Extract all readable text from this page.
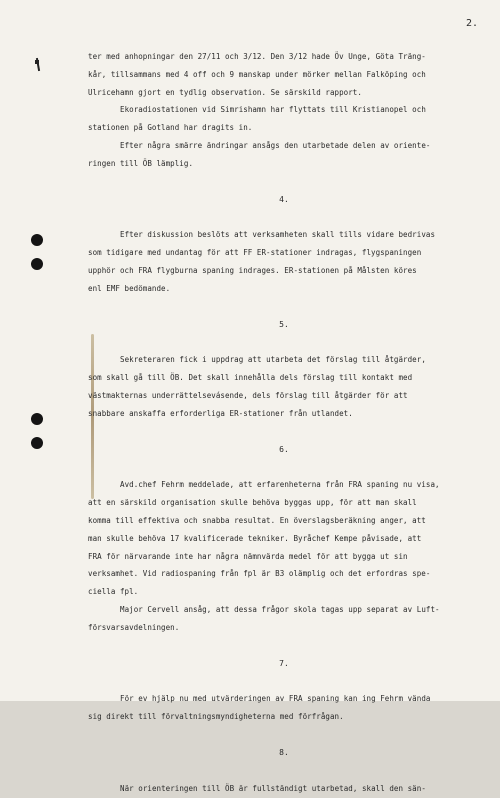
2.
ter med anhopningar den 27/11 och 3/12. Den 3/12 hade Öv Unge, Göta Träng-
kår, tillsammans med 4 off och 9 manskap under mörker mellan Falköping och
Ulricehamn gjort en tydlig observation. Se särskild rapport.
Ekoradiostationen vid Simrishamn har flyttats till Kristianopel och
stationen på Gotland har dragits in.
Efter några smärre ändringar ansågs den utarbetade delen av oriente-
ringen till ÖB lämplig.
4.
Efter diskussion beslöts att verksamheten skall tills vidare bedrivas
som tidigare med undantag för att FF ER-stationer indragas, flygspaningen
upphör och FRA flygburna spaning indrages. ER-stationen på Målsten köres
enl EMF bedömande.
5.
Sekreteraren fick i uppdrag att utarbeta det förslag till åtgärder,
som skall gå till ÖB. Det skall innehålla dels förslag till kontakt med
västmakternas underrättelsevásende, dels förslag till åtgärder för att
snabbare anskaffa erforderliga ER-stationer från utlandet.
6.
Avd.chef Fehrm meddelade, att erfarenheterna från FRA spaning nu visa,
att en särskild organisation skulle behöva byggas upp, för att man skall
komma till effektiva och snabba resultat. En överslagsberäkning anger, att
man skulle behöva 17 kvalificerade tekniker. Byråchef Kempe påvisade, att
FRA för närvarande inte har några nämnvärda medel för att bygga ut sin
verksamhet. Vid radiospaning från fpl är B3 olämplig och det erfordras spe-
ciella fpl.
Major Cervell ansåg, att dessa frågor skola tagas upp separat av Luft-
försvarsavdelningen.
7.
För ev hjälp nu med utvärderingen av FRA spaning kan ing Fehrm vända
sig direkt till förvaltningsmyndigheterna med förfrågan.
8.
När orienteringen till ÖB är fullständigt utarbetad, skall den sän-
